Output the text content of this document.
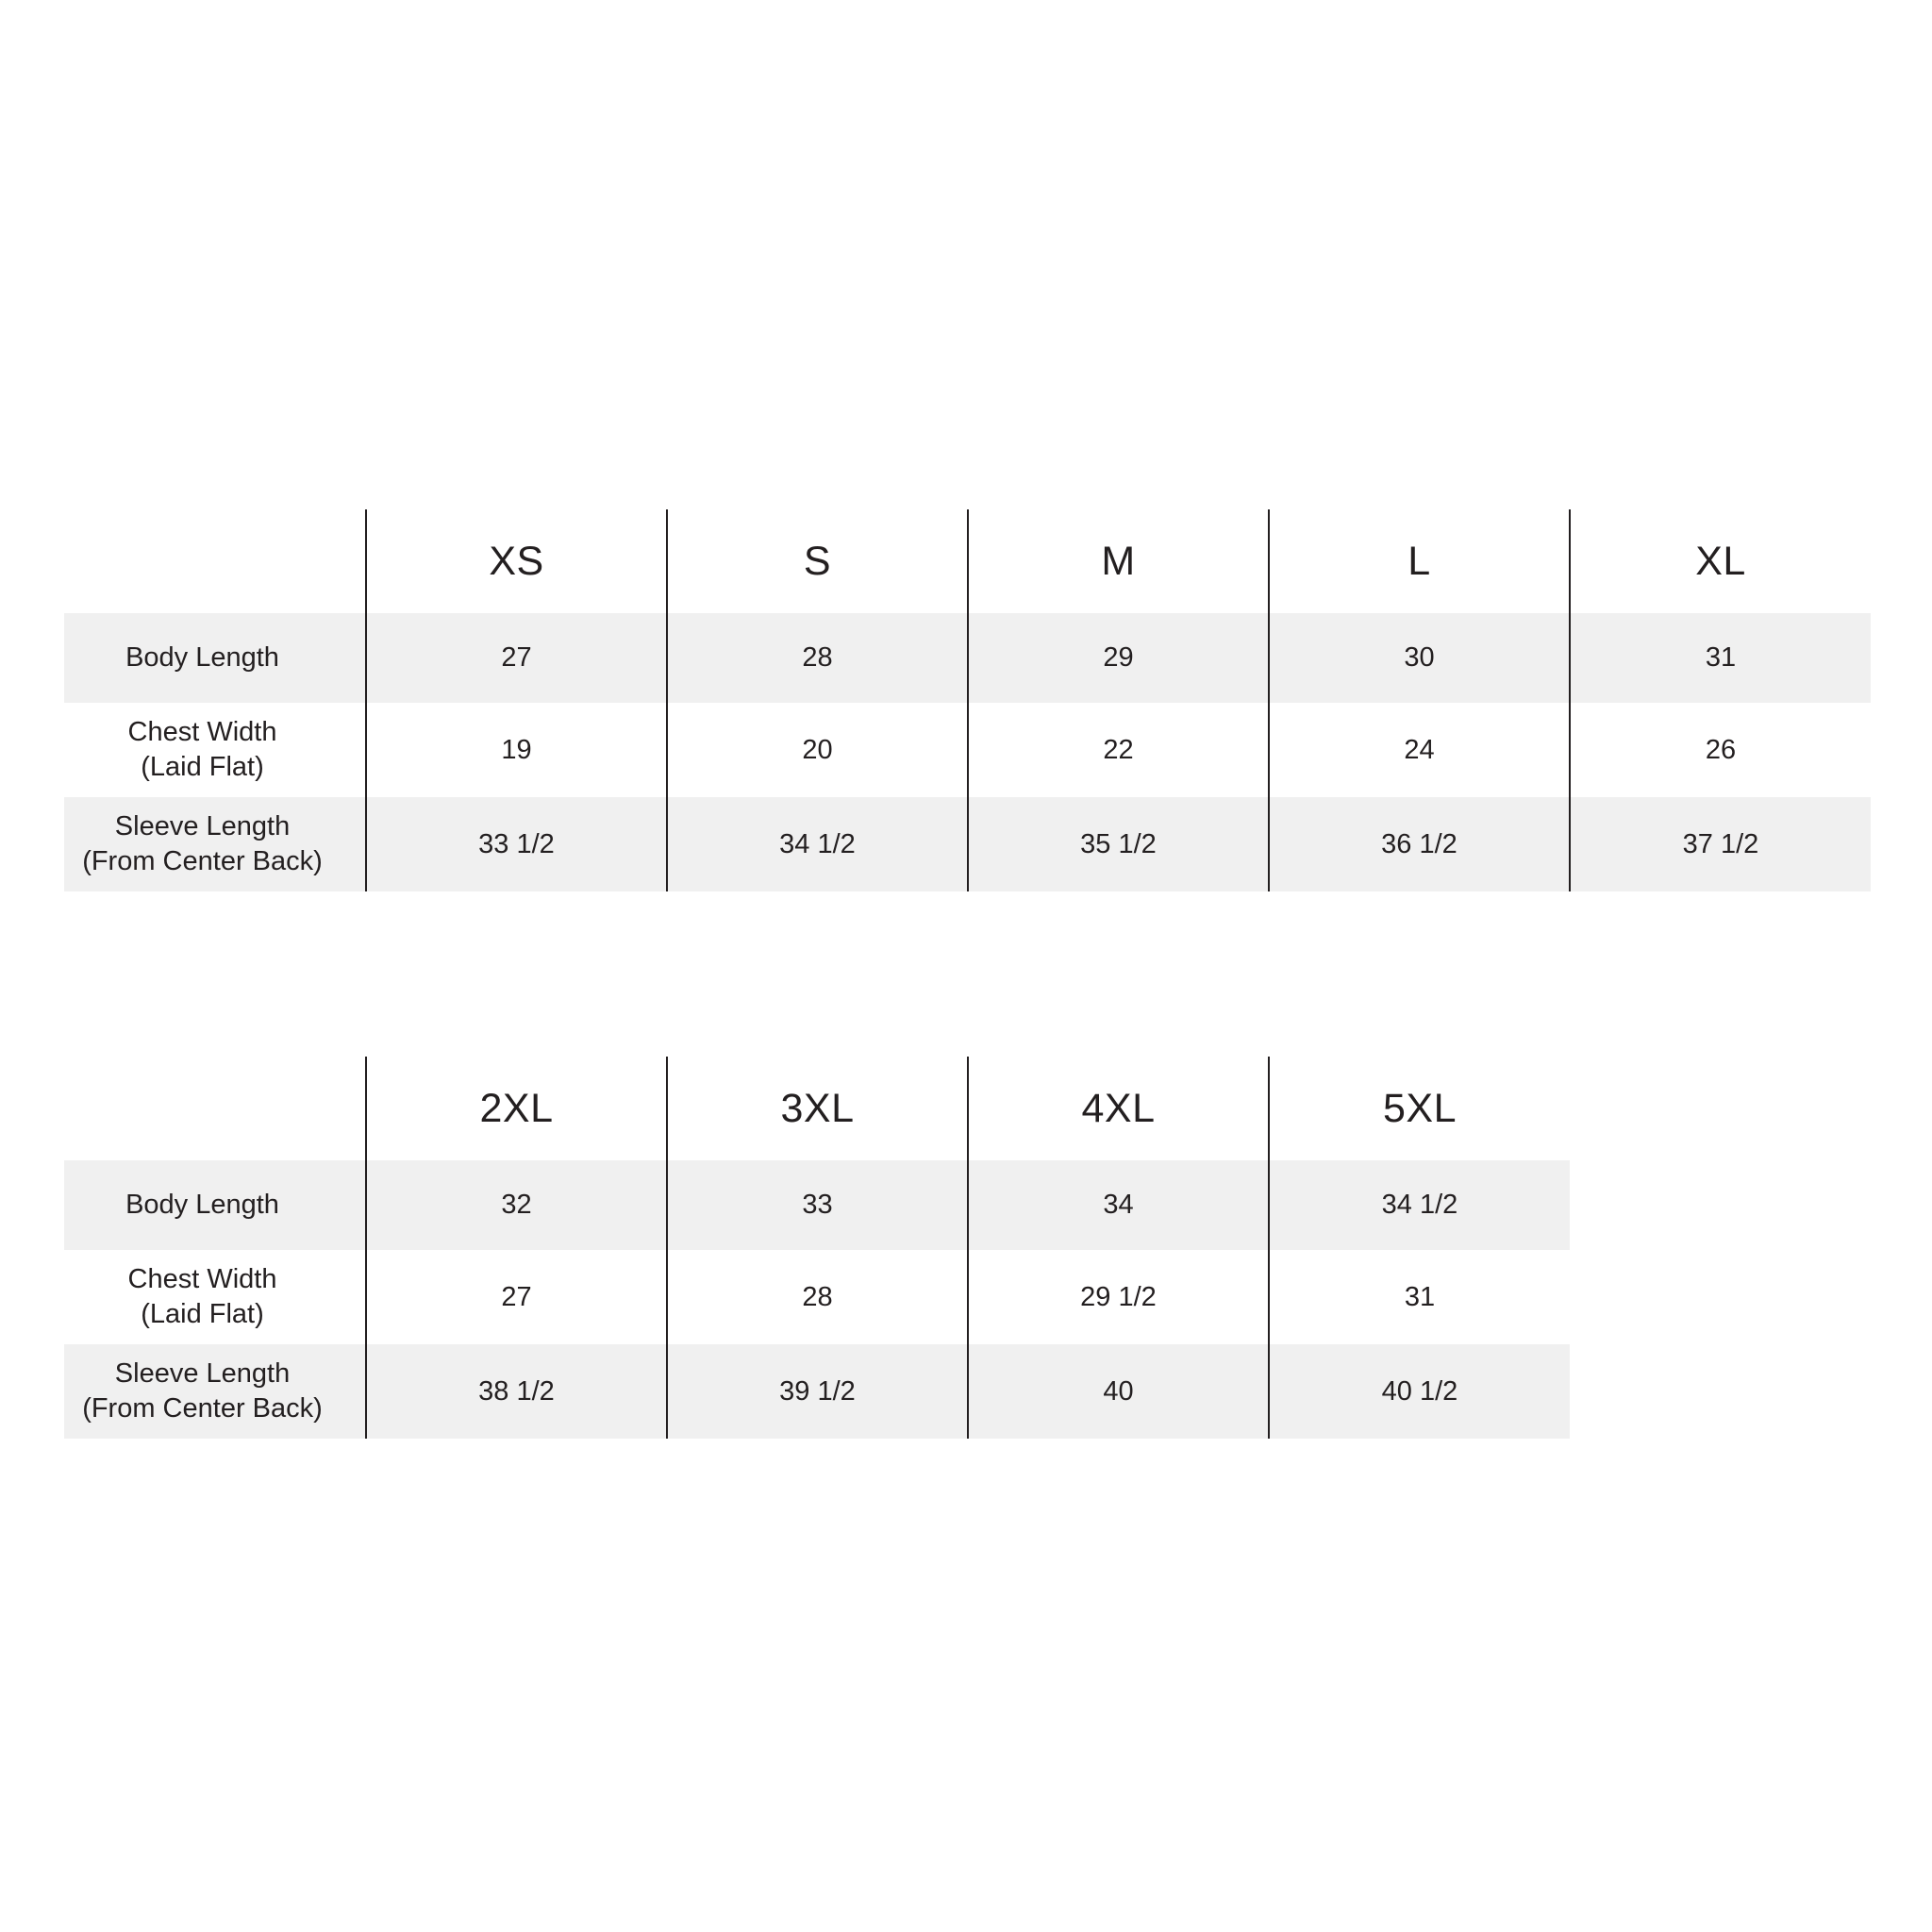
	XS	S	M	L	XL
Body Length	27	28	29	30	31
Chest Width
(Laid Flat)	19	20	22	24	26
Sleeve Length
(From Center Back)	33 1/2	34 1/2	35 1/2	36 1/2	37 1/2
	2XL	3XL	4XL	5XL
Body Length	32	33	34	34 1/2
Chest Width
(Laid Flat)	27	28	29 1/2	31
Sleeve Length
(From Center Back)	38 1/2	39 1/2	40	40 1/2
